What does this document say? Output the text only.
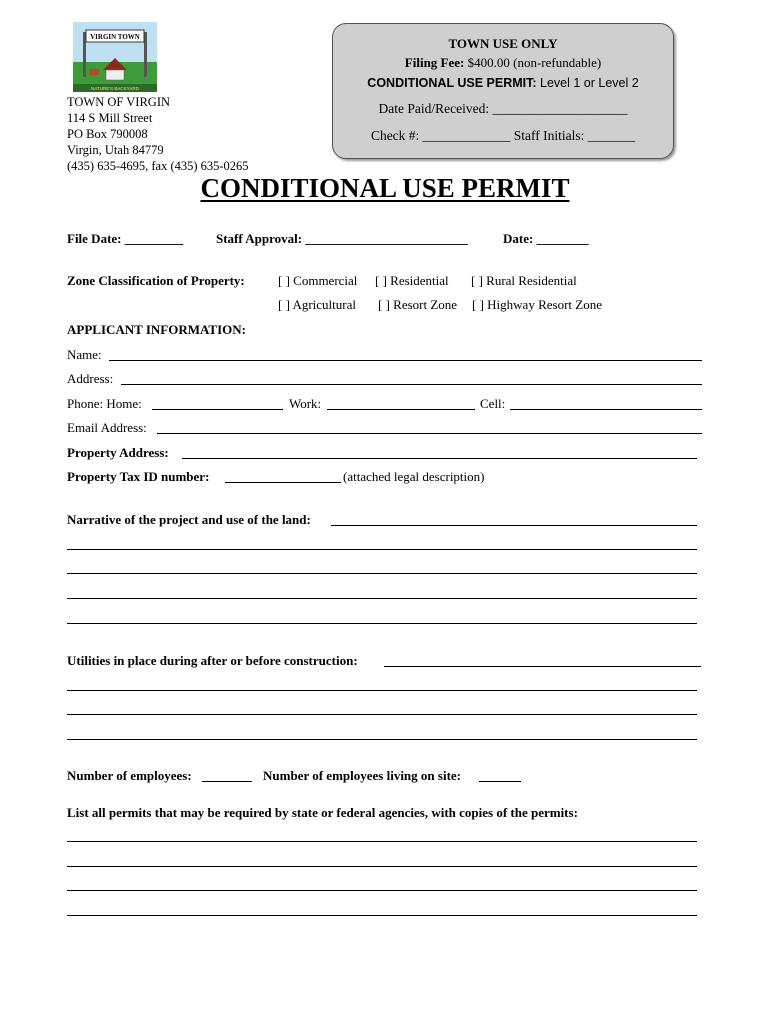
VIRGIN TOWN
NATURE'S BACKYARD
TOWN OF VIRGIN
114 S Mill Street
PO Box 790008
Virgin, Utah 84779
(435) 635-4695, fax (435) 635-0265
TOWN USE ONLY
Filing Fee: $400.00 (non-refundable)
CONDITIONAL USE PERMIT: Level 1 or Level 2
Date Paid/Received: ____________________
Check #: _____________ Staff Initials: _______
CONDITIONAL USE PERMIT
File Date: _________	Staff Approval: _________________________	Date: ________
Zone Classification of Property:	[ ] Commercial [ ] Residential [ ] Rural Residential
[ ] Agricultural [ ] Resort Zone [ ] Highway Resort Zone
APPLICANT INFORMATION:
Name:
Address:
Phone: Home:	Work:	Cell:
Email Address:
Property Address:
Property Tax ID number:	(attached legal description)
Narrative of the project and use of the land:
Utilities in place during after or before construction:
Number of employees:	Number of employees living on site:
List all permits that may be required by state or federal agencies, with copies of the permits:
